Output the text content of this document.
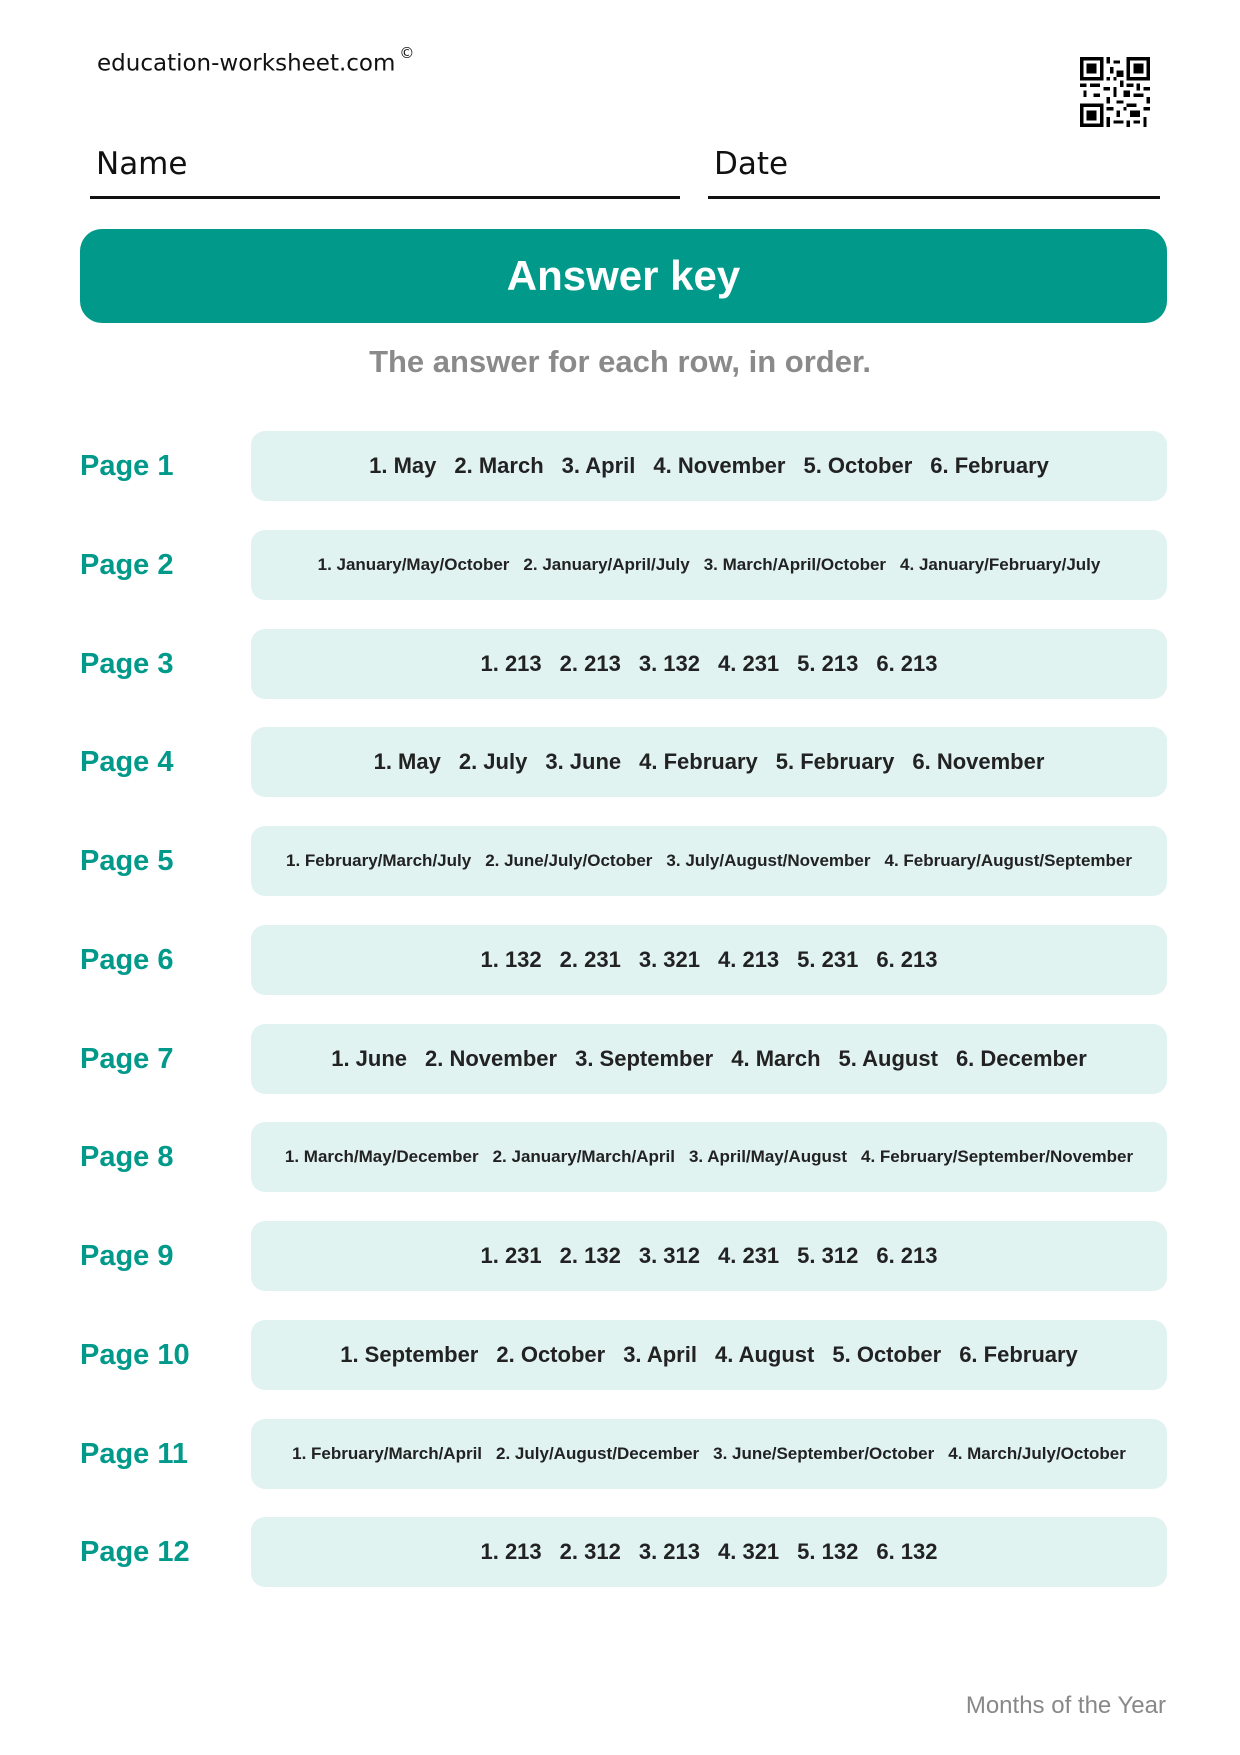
education-worksheet.com ©
Name	Date
Answer key
The answer for each row, in order.
Page 1	1. May 2. March 3. April 4. November 5. October 6. February
Page 2	1. January/May/October 2. January/April/July 3. March/April/October 4. January/February/July
Page 3	1. 213 2. 213 3. 132 4. 231 5. 213 6. 213
Page 4	1. May 2. July 3. June 4. February 5. February 6. November
Page 5	1. February/March/July 2. June/July/October 3. July/August/November 4. February/August/September
Page 6	1. 132 2. 231 3. 321 4. 213 5. 231 6. 213
Page 7	1. June 2. November 3. September 4. March 5. August 6. December
Page 8	1. March/May/December 2. January/March/April 3. April/May/August 4. February/September/November
Page 9	1. 231 2. 132 3. 312 4. 231 5. 312 6. 213
Page 10	1. September 2. October 3. April 4. August 5. October 6. February
Page 11	1. February/March/April 2. July/August/December 3. June/September/October 4. March/July/October
Page 12	1. 213 2. 312 3. 213 4. 321 5. 132 6. 132
Months of the Year
